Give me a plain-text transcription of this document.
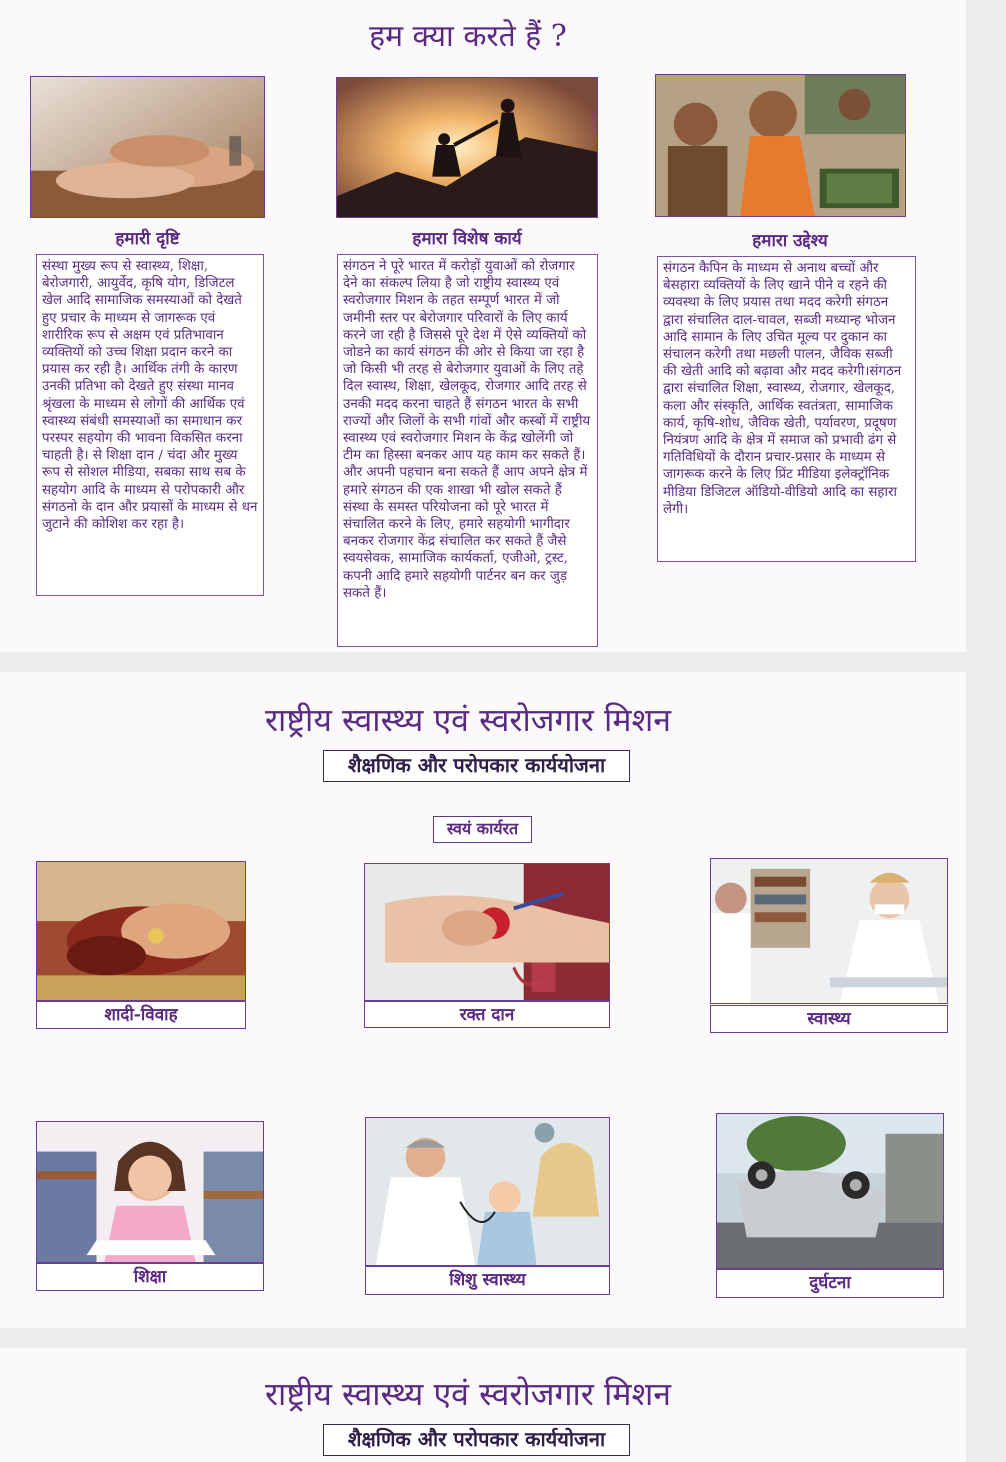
हम क्या करते हैं ?
हमारी दृष्टि
संस्था मुख्य रूप से स्वास्थ्य, शिक्षा, बेरोजगारी, आयुर्वेद, कृषि योग, डिजिटल खेल आदि सामाजिक समस्याओं को देखते हुए प्रचार के माध्यम से जागरूक एवं शारीरिक रूप से अक्षम एवं प्रतिभावान व्यक्तियों को उच्च शिक्षा प्रदान करने का प्रयास कर रही है। आर्थिक तंगी के कारण उनकी प्रतिभा को देखते हुए संस्था मानव श्रृंखला के माध्यम से लोगों की आर्थिक एवं स्वास्थ्य संबंधी समस्याओं का समाधान कर परस्पर सहयोग की भावना विकसित करना चाहती है। से शिक्षा दान / चंदा और मुख्य रूप से सोशल मीडिया, सबका साथ सब के सहयोग आदि के माध्यम से परोपकारी और संगठनो के दान और प्रयासों के माध्यम से धन जुटाने की कोशिश कर रहा है।
हमारा विशेष कार्य
संगठन ने पूरे भारत में करोड़ों युवाओं को रोजगार देने का संकल्प लिया है जो राष्ट्रीय स्वास्थ्य एवं स्वरोजगार मिशन के तहत सम्पूर्ण भारत में जो जमीनी स्तर पर बेरोजगार परिवारों के लिए कार्य करने जा रही है जिससे पूरे देश में ऐसे व्यक्तियों को जोडने का कार्य संगठन की ओर से किया जा रहा है जो किसी भी तरह से बेरोजगार युवाओं के लिए तहे दिल स्वास्थ, शिक्षा, खेलकूद, रोजगार आदि तरह से उनकी मदद करना चाहते हैं संगठन भारत के सभी राज्यों और जिलों के सभी गांवों और कस्बों में राष्ट्रीय स्वास्थ्य एवं स्वरोजगार मिशन के केंद्र खोलेंगी जो टीम का हिस्सा बनकर आप यह काम कर सकते हैं। और अपनी पहचान बना सकते हैं आप अपने क्षेत्र में हमारे संगठन की एक शाखा भी खोल सकते हैं संस्था के समस्त परियोजना को पूरे भारत में संचालित करने के लिए, हमारे सहयोगी भागीदार बनकर रोजगार केंद्र संचालित कर सकते हैं जैसे स्वयसेवक, सामाजिक कार्यकर्ता, एजीओ, ट्रस्ट, कपनी आदि हमारे सहयोगी पार्टनर बन कर जुड़ सकते हैं।
हमारा उद्देश्य
संगठन कैपिन के माध्यम से अनाथ बच्चों और बेसहारा व्यक्तियों के लिए खाने पीने व रहने की व्यवस्था के लिए प्रयास तथा मदद करेगी संगठन द्वारा संचालित दाल-चावल, सब्जी मध्यान्ह भोजन आदि सामान के लिए उचित मूल्य पर दुकान का संचालन करेगी तथा मछली पालन, जैविक सब्जी की खेती आदि को बढ़ावा और मदद करेगी।संगठन द्वारा संचालित शिक्षा, स्वास्थ्य, रोजगार, खेलकूद, कला और संस्कृति, आर्थिक स्वतंत्रता, सामाजिक कार्य, कृषि-शोध, जैविक खेती, पर्यावरण, प्रदूषण नियंत्रण आदि के क्षेत्र में समाज को प्रभावी ढंग से गतिविधियों के दौरान प्रचार-प्रसार के माध्यम से जागरूक करने के लिए प्रिंट मीडिया इलेक्ट्रॉनिक मीडिया डिजिटल ऑडियो-वीडियो आदि का सहारा लेगी।
राष्ट्रीय स्वास्थ्य एवं स्वरोजगार मिशन
शैक्षणिक और परोपकार कार्ययोजना
स्वयं कार्यरत
शादी-विवाह	रक्त दान	स्वास्थ्य
शिक्षा	शिशु स्वास्थ्य	दुर्घटना
राष्ट्रीय स्वास्थ्य एवं स्वरोजगार मिशन
शैक्षणिक और परोपकार कार्ययोजना
